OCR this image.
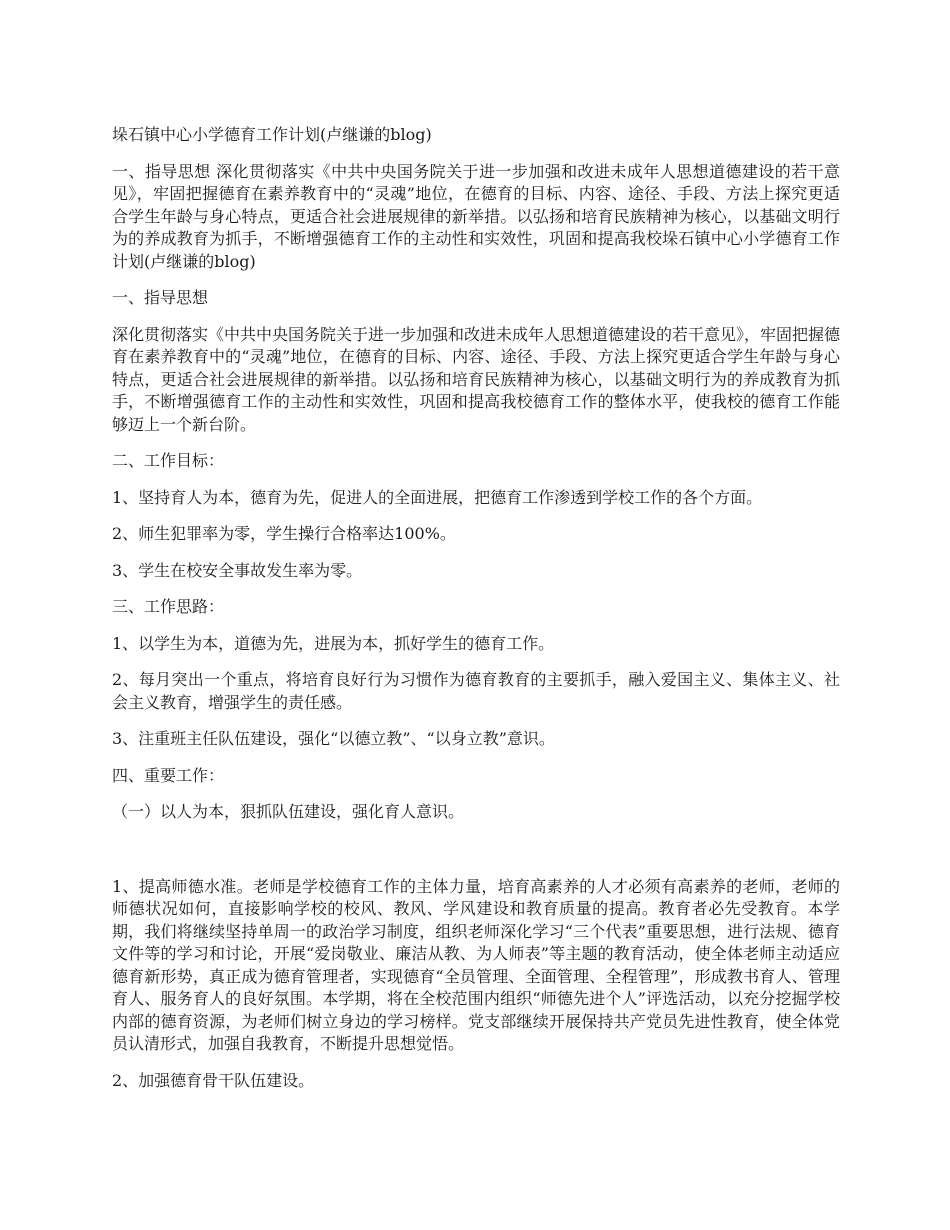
垛石镇中心小学德育工作计划(卢继谦的blog)

一、指导思想 深化贯彻落实《中共中央国务院关于进一步加强和改进未成年人思想道德建设的若干意见》，牢固把握德育在素养教育中的“灵魂”地位，在德育的目标、内容、途径、手段、方法上探究更适合学生年龄与身心特点，更适合社会进展规律的新举措。以弘扬和培育民族精神为核心，以基础文明行为的养成教育为抓手，不断增强德育工作的主动性和实效性，巩固和提高我校垛石镇中心小学德育工作计划(卢继谦的blog)

一、指导思想

深化贯彻落实《中共中央国务院关于进一步加强和改进未成年人思想道德建设的若干意见》，牢固把握德育在素养教育中的“灵魂”地位，在德育的目标、内容、途径、手段、方法上探究更适合学生年龄与身心特点，更适合社会进展规律的新举措。以弘扬和培育民族精神为核心，以基础文明行为的养成教育为抓手，不断增强德育工作的主动性和实效性，巩固和提高我校德育工作的整体水平，使我校的德育工作能够迈上一个新台阶。

二、工作目标：

1、坚持育人为本，德育为先，促进人的全面进展，把德育工作渗透到学校工作的各个方面。

2、师生犯罪率为零，学生操行合格率达100%。

3、学生在校安全事故发生率为零。

三、工作思路：

1、以学生为本，道德为先，进展为本，抓好学生的德育工作。

2、每月突出一个重点，将培育良好行为习惯作为德育教育的主要抓手，融入爱国主义、集体主义、社会主义教育，增强学生的责任感。

3、注重班主任队伍建设，强化“以德立教”、“以身立教”意识。

四、重要工作：

（一）以人为本，狠抓队伍建设，强化育人意识。

1、提高师德水准。老师是学校德育工作的主体力量，培育高素养的人才必须有高素养的老师，老师的师德状况如何，直接影响学校的校风、教风、学风建设和教育质量的提高。教育者必先受教育。本学期，我们将继续坚持单周一的政治学习制度，组织老师深化学习“三个代表”重要思想，进行法规、德育文件等的学习和讨论，开展“爱岗敬业、廉洁从教、为人师表”等主题的教育活动，使全体老师主动适应德育新形势，真正成为德育管理者，实现德育“全员管理、全面管理、全程管理”，形成教书育人、管理育人、服务育人的良好氛围。本学期，将在全校范围内组织“师德先进个人”评选活动，以充分挖掘学校内部的德育资源，为老师们树立身边的学习榜样。党支部继续开展保持共产党员先进性教育，使全体党员认清形式，加强自我教育，不断提升思想觉悟。

2、加强德育骨干队伍建设。
